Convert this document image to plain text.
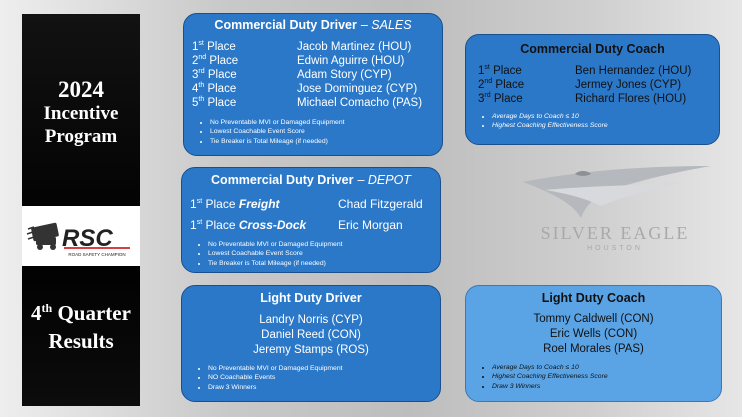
2024
Incentive
Program
RSC
ROAD SAFETY CHAMPION
4th Quarter
Results
Commercial Duty Driver – SALES
1st Place	Jacob Martinez (HOU)
2nd Place	Edwin Aguirre (HOU)
3rd Place	Adam Story (CYP)
4th Place	Jose Dominguez (CYP)
5th Place	Michael Comacho (PAS)
• No Preventable MVI or Damaged Equipment
• Lowest Coachable Event Score
• Tie Breaker is Total Mileage (if needed)
Commercial Duty Driver – DEPOT
1st Place Freight	Chad Fitzgerald
1st Place Cross-Dock	Eric Morgan
• No Preventable MVI or Damaged Equipment
• Lowest Coachable Event Score
• Tie Breaker is Total Mileage (if needed)
Light Duty Driver
Landry Norris (CYP)
Daniel Reed (CON)
Jeremy Stamps (ROS)
• No Preventable MVI or Damaged Equipment
• NO Coachable Events
• Draw 3 Winners
Commercial Duty Coach
1st Place	Ben Hernandez (HOU)
2nd Place	Jermey Jones (CYP)
3rd Place	Richard Flores (HOU)
• Average Days to Coach ≤ 10
• Highest Coaching Effectiveness Score
SILVER EAGLE
HOUSTON
Light Duty Coach
Tommy Caldwell (CON)
Eric Wells (CON)
Roel Morales (PAS)
• Average Days to Coach ≤ 10
• Highest Coaching Effectiveness Score
• Draw 3 Winners
